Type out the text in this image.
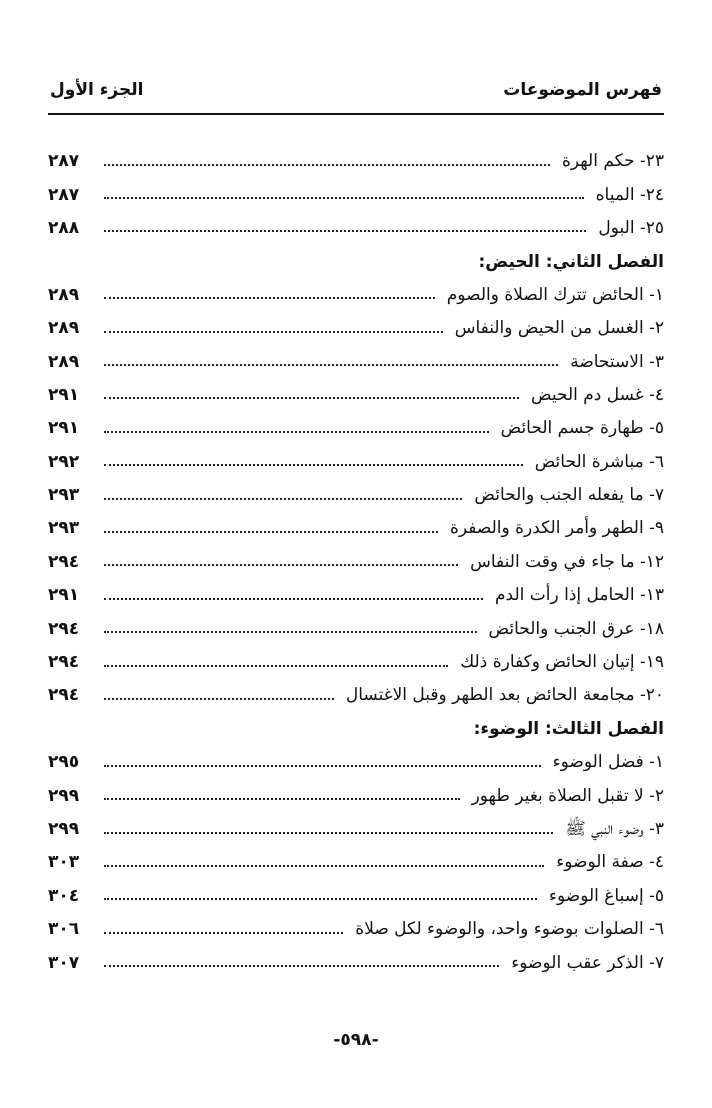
فهرس الموضوعات
الجزء الأول
٢٣- حكم الهرة
٢٨٧
٢٤- المياه
٢٨٧
٢٥- البول
٢٨٨
الفصل الثاني: الحيض:
١- الحائض تترك الصلاة والصوم
٢٨٩
٢- الغسل من الحيض والنفاس
٢٨٩
٣- الاستحاضة
٢٨٩
٤- غسل دم الحيض
٢٩١
٥- طهارة جسم الحائض
٢٩١
٦- مباشرة الحائض
٢٩٢
٧- ما يفعله الجنب والحائض
٢٩٣
٩- الطهر وأمر الكدرة والصفرة
٢٩٣
١٢- ما جاء في وقت النفاس
٢٩٤
١٣- الحامل إذا رأت الدم
٢٩١
١٨- عرق الجنب والحائض
٢٩٤
١٩- إتيان الحائض وكفارة ذلك
٢٩٤
٢٠- مجامعة الحائض بعد الطهر وقبل الاغتسال
٢٩٤
الفصل الثالث: الوضوء:
١- فضل الوضوء
٢٩٥
٢- لا تقبل الصلاة بغير طهور
٢٩٩
٣- وضوء النبي ﷺ
٢٩٩
٤- صفة الوضوء
٣٠٣
٥- إسباغ الوضوء
٣٠٤
٦- الصلوات بوضوء واحد، والوضوء لكل صلاة
٣٠٦
٧- الذكر عقب الوضوء
٣٠٧
-٥٩٨-
